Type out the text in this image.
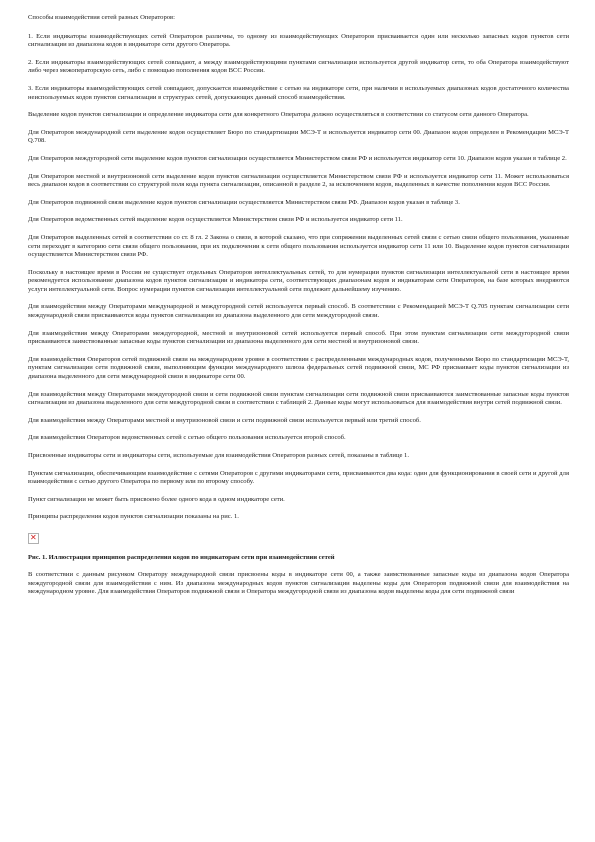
Способы взаимодействия сетей разных Операторов:

1. Если индикаторы взаимодействующих сетей Операторов различны, то одному из взаимодействующих Операторов присваивается один или несколько запасных кодов пунктов сети сигнализации из диапазона кодов в индикаторе сети другого Оператора.

2. Если индикаторы взаимодействующих сетей совпадают, а между взаимодействующими пунктами сигнализации используется другой индикатор сети, то оба Оператора взаимодействуют либо через межоператорскую сеть, либо с помощью пополнения кодов ВСС России.

3. Если индикаторы взаимодействующих сетей совпадают, допускается взаимодействие с сетью на индикаторе сети, при наличии в используемых диапазонах кодов достаточного количества неиспользуемых кодов пунктов сигнализации в структурах сетей, допускающих данный способ взаимодействия.

Выделение кодов пунктов сигнализации и определение индикатора сети для конкретного Оператора должно осуществляться в соответствии со статусом сети данного Оператора.

Для Операторов международной сети выделение кодов осуществляет Бюро по стандартизации МСЭ-Т и используется индикатор сети 00. Диапазон кодов определен в Рекомендации МСЭ-Т Q.708.

Для Операторов междугородной сети выделение кодов пунктов сигнализации осуществляется Министерством связи РФ и используется индикатор сети 10. Диапазон кодов указан в таблице 2.

Для Операторов местной и внутризоновой сети выделение кодов пунктов сигнализации осуществляется Министерством связи РФ и используется индикатор сети 11. Может использоваться весь диапазон кодов в соответствии со структурой поля кода пункта сигнализации, описанной в разделе 2, за исключением кодов, выделенных в качестве пополнения кодов ВСС России.

Для Операторов подвижной связи выделение кодов пунктов сигнализации осуществляется Министерством связи РФ. Диапазон кодов указан в таблице 3.

Для Операторов ведомственных сетей выделение кодов осуществляется Министерством связи РФ и используется индикатор сети 11.

Для Операторов выделенных сетей в соответствии со ст. 8 гл. 2 Закона о связи, в которой сказано, что при сопряжении выделенных сетей связи с сетью связи общего пользования, указанные сети переходят в категорию сети связи общего пользования, при их подключении к сети общего пользования используется индикатор сети 11 или 10. Выделение кодов пунктов сигнализации осуществляется Министерством связи РФ.

Поскольку в настоящее время в России не существует отдельных Операторов интеллектуальных сетей, то для нумерации пунктов сигнализации интеллектуальной сети в настоящее время рекомендуется использование диапазона кодов пунктов сигнализации и индикатора сети, соответствующих диапазонам кодов и индикаторам сети Операторов, на базе которых внедряются услуги интеллектуальной сети. Вопрос нумерации пунктов сигнализации интеллектуальной сети подлежит дальнейшему изучению.

Для взаимодействия между Операторами международной и междугородной сетей используется первый способ. В соответствии с Рекомендацией МСЭ-Т Q.705 пунктам сигнализации сети международной связи присваиваются коды пунктов сигнализации из диапазона выделенного для сети междугородной связи.

Для взаимодействия между Операторами междугородной, местной и внутризоновой сетей используется первый способ. При этом пунктам сигнализации сети междугородной связи присваиваются заимствованные запасные коды пунктов сигнализации из диапазона выделенного для сети местной и внутризоновой связи.

Для взаимодействия Операторов сетей подвижной связи на международном уровне в соответствии с распределенными международных кодов, полученными Бюро по стандартизации МСЭ-Т, пунктам сигнализации сети подвижной связи, выполняющим функции международного шлюза федеральных сетей подвижной связи, МС РФ присваивает коды пунктов сигнализации из диапазона выделенного для сети международной связи в индикаторе сети 00.

Для взаимодействия между Операторами междугородной связи и сети подвижной связи пунктам сигнализации сети подвижной связи присваиваются заимствованные запасные коды пунктов сигнализации из диапазона выделенного для сети междугородной связи в соответствии с таблицей 2. Данные коды могут использоваться для взаимодействия внутри сетей подвижной связи.

Для взаимодействия между Операторами местной и внутризоновой связи и сети подвижной связи используется первый или третий способ.

Для взаимодействия Операторов ведомственных сетей с сетью общего пользования используется второй способ.

Присвоенные индикаторы сети и индикаторы сети, используемые для взаимодействия Операторов разных сетей, показаны в таблице 1.

Пунктам сигнализации, обеспечивающим взаимодействие с сетями Операторов с другими индикаторами сети, присваиваются два кода: один для функционирования в своей сети и другой для взаимодействия с сетью другого Оператора по первому или по второму способу.

Пункт сигнализации не может быть присвоено более одного кода в одном индикаторе сети.

Принципы распределения кодов пунктов сигнализации показаны на рис. 1.

✕

Рис. 1. Иллюстрация принципов распределения кодов по индикаторам сети при взаимодействии сетей

В соответствии с данным рисунком Оператору международной связи присвоены коды в индикаторе сети 00, а также заимствованные запасные коды из диапазона кодов Оператора междугородной связи для взаимодействия с ним. Из диапазона международных кодов пунктов сигнализации выделены коды для Операторов подвижной связи для взаимодействия на международном уровне. Для взаимодействия Операторов подвижной связи и Оператора междугородной связи из диапазона кодов выделены коды для сети подвижной связи
